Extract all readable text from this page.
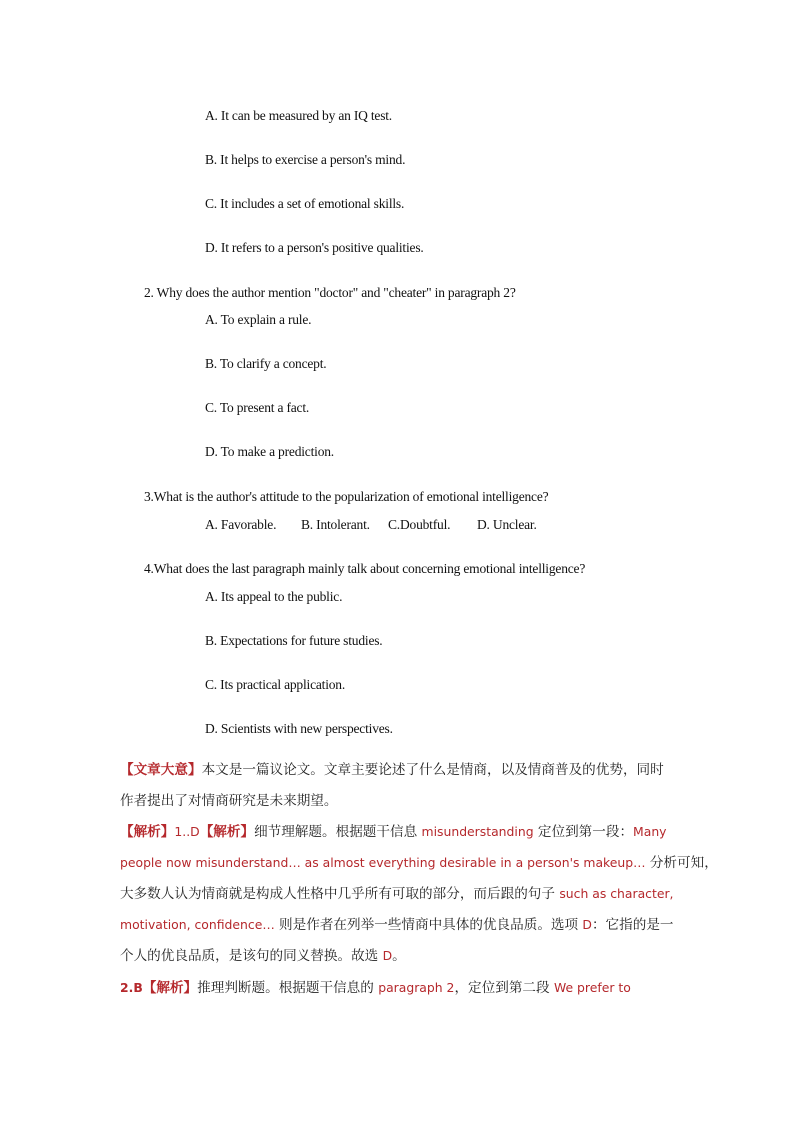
A. It can be measured by an IQ test.
B. It helps to exercise a person's mind.
C. It includes a set of emotional skills.
D. It refers to a person's positive qualities.
2. Why does the author mention "doctor" and "cheater" in paragraph 2?
A. To explain a rule.
B. To clarify a concept.
C. To present a fact.
D. To make a prediction.
3.What is the author's attitude to the popularization of emotional intelligence?
A. Favorable. B. Intolerant. C.Doubtful. D. Unclear.
4.What does the last paragraph mainly talk about concerning emotional intelligence?
A. Its appeal to the public.
B. Expectations for future studies.
C. Its practical application.
D. Scientists with new perspectives.
【文章大意】本文是一篇议论文。文章主要论述了什么是情商，以及情商普及的优势，同时
作者提出了对情商研究是未来期望。
【解析】1..D【解析】细节理解题。根据题干信息 misunderstanding 定位到第一段：Many
people now misunderstand… as almost everything desirable in a person's makeup… 分析可知，
大多数人认为情商就是构成人性格中几乎所有可取的部分，而后跟的句子 such as character,
motivation, confidence… 则是作者在列举一些情商中具体的优良品质。选项 D：它指的是一
个人的优良品质，是该句的同义替换。故选 D。
2.B【解析】推理判断题。根据题干信息的 paragraph 2，定位到第二段 We prefer to
